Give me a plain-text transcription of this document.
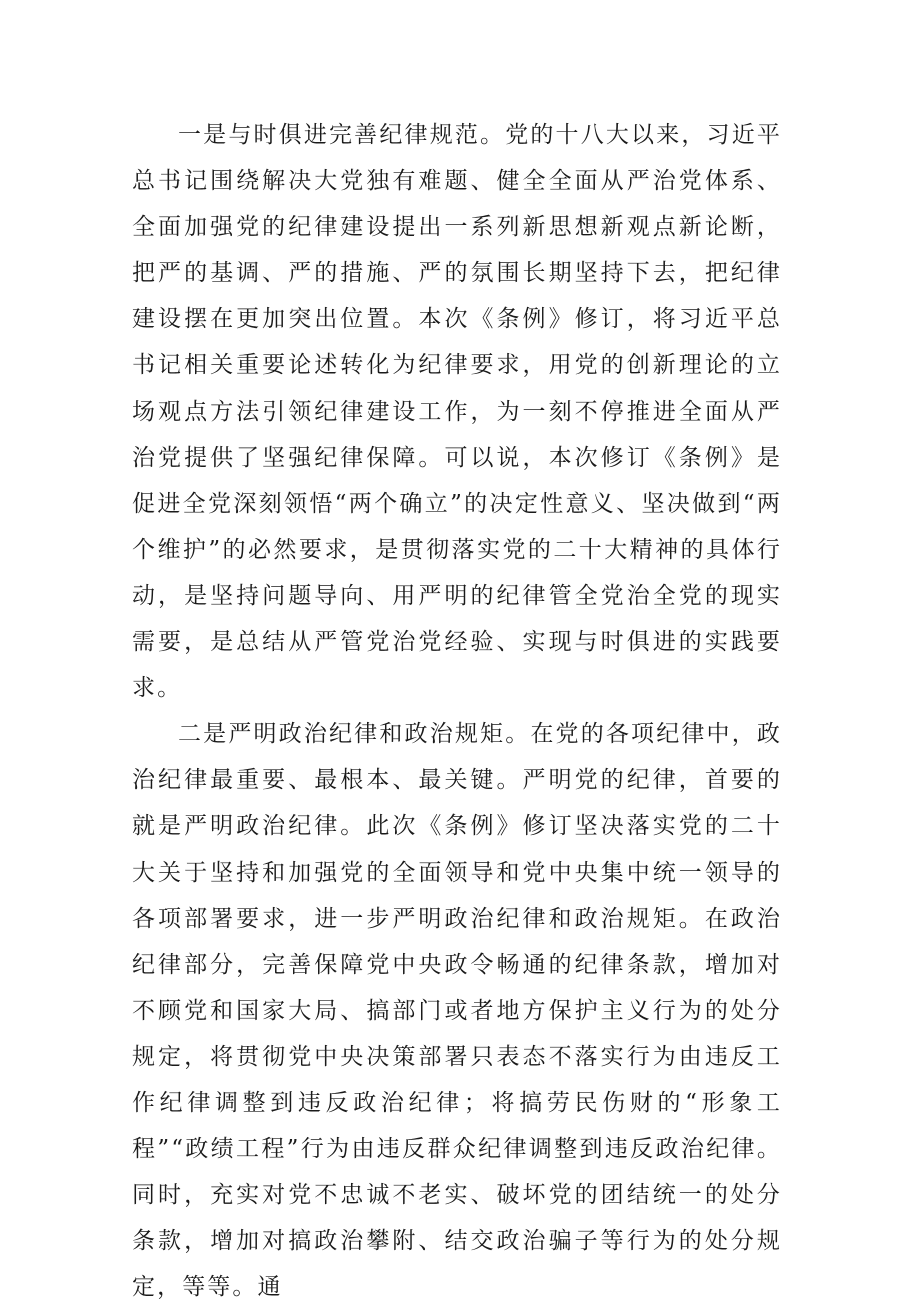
一是与时俱进完善纪律规范。党的十八大以来，习近平总书记围绕解决大党独有难题、健全全面从严治党体系、全面加强党的纪律建设提出一系列新思想新观点新论断，把严的基调、严的措施、严的氛围长期坚持下去，把纪律建设摆在更加突出位置。本次《条例》修订，将习近平总书记相关重要论述转化为纪律要求，用党的创新理论的立场观点方法引领纪律建设工作，为一刻不停推进全面从严治党提供了坚强纪律保障。可以说，本次修订《条例》是促进全党深刻领悟“两个确立”的决定性意义、坚决做到“两个维护”的必然要求，是贯彻落实党的二十大精神的具体行动，是坚持问题导向、用严明的纪律管全党治全党的现实需要，是总结从严管党治党经验、实现与时俱进的实践要求。

二是严明政治纪律和政治规矩。在党的各项纪律中，政治纪律最重要、最根本、最关键。严明党的纪律，首要的就是严明政治纪律。此次《条例》修订坚决落实党的二十大关于坚持和加强党的全面领导和党中央集中统一领导的各项部署要求，进一步严明政治纪律和政治规矩。在政治纪律部分，完善保障党中央政令畅通的纪律条款，增加对不顾党和国家大局、搞部门或者地方保护主义行为的处分规定，将贯彻党中央决策部署只表态不落实行为由违反工作纪律调整到违反政治纪律；将搞劳民伤财的“形象工程”“政绩工程”行为由违反群众纪律调整到违反政治纪律。同时，充实对党不忠诚不老实、破坏党的团结统一的处分条款，增加对搞政治攀附、结交政治骗子等行为的处分规定，等等。通
